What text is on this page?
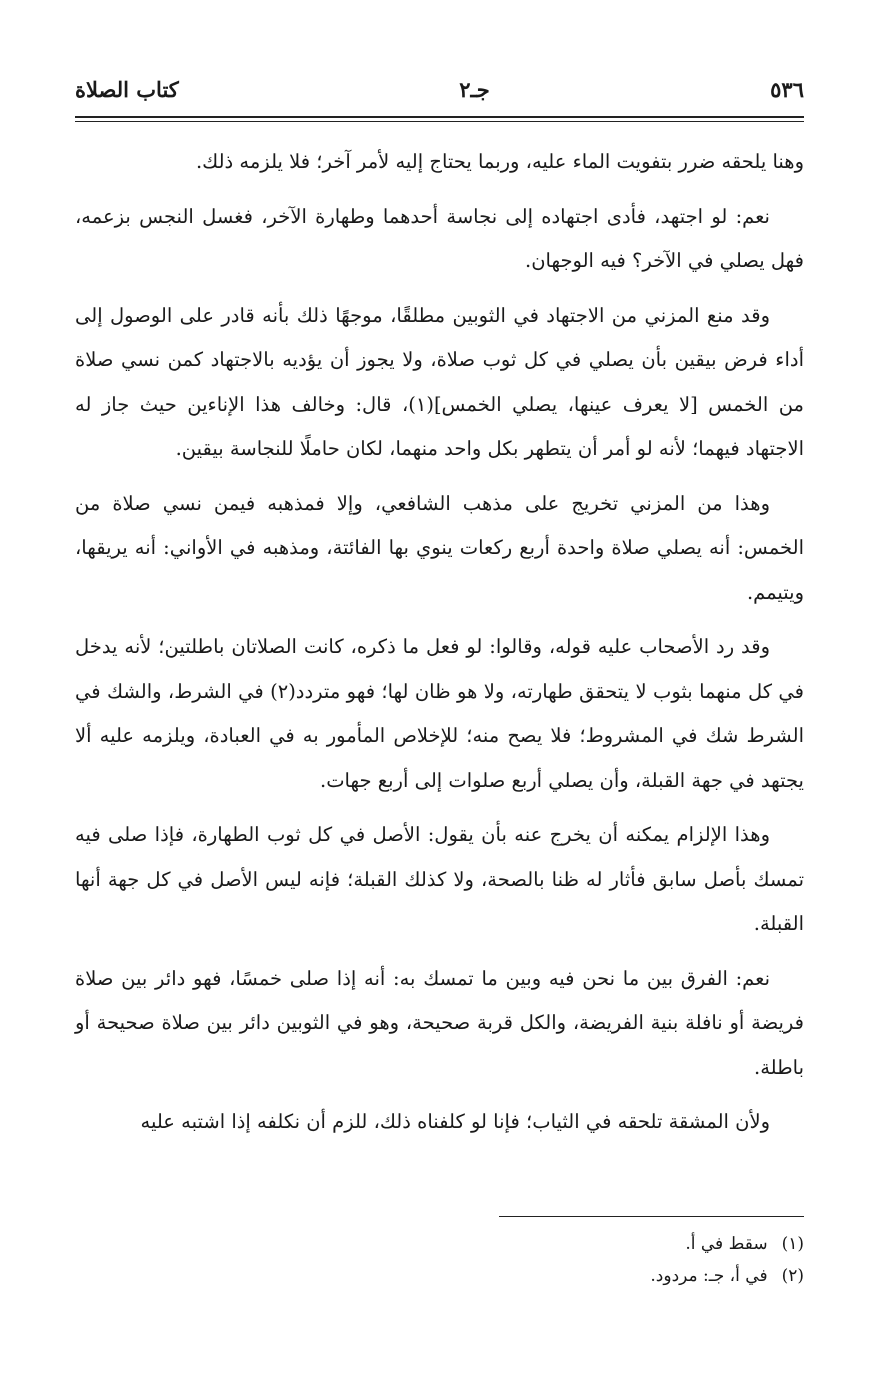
٥٣٦
جـ٢
كتاب الصلاة

وهنا يلحقه ضرر بتفويت الماء عليه، وربما يحتاج إليه لأمر آخر؛ فلا يلزمه ذلك.

نعم: لو اجتهد، فأدى اجتهاده إلى نجاسة أحدهما وطهارة الآخر، فغسل النجس بزعمه، فهل يصلي في الآخر؟ فيه الوجهان.

وقد منع المزني من الاجتهاد في الثوبين مطلقًا، موجهًا ذلك بأنه قادر على الوصول إلى أداء فرض بيقين بأن يصلي في كل ثوب صلاة، ولا يجوز أن يؤديه بالاجتهاد كمن نسي صلاة من الخمس [لا يعرف عينها، يصلي الخمس](١)، قال: وخالف هذا الإناءين حيث جاز له الاجتهاد فيهما؛ لأنه لو أمر أن يتطهر بكل واحد منهما، لكان حاملًا للنجاسة بيقين.

وهذا من المزني تخريج على مذهب الشافعي، وإلا فمذهبه فيمن نسي صلاة من الخمس: أنه يصلي صلاة واحدة أربع ركعات ينوي بها الفائتة، ومذهبه في الأواني: أنه يريقها، ويتيمم.

وقد رد الأصحاب عليه قوله، وقالوا: لو فعل ما ذكره، كانت الصلاتان باطلتين؛ لأنه يدخل في كل منهما بثوب لا يتحقق طهارته، ولا هو ظان لها؛ فهو متردد(٢) في الشرط، والشك في الشرط شك في المشروط؛ فلا يصح منه؛ للإخلاص المأمور به في العبادة، ويلزمه عليه ألا يجتهد في جهة القبلة، وأن يصلي أربع صلوات إلى أربع جهات.

وهذا الإلزام يمكنه أن يخرج عنه بأن يقول: الأصل في كل ثوب الطهارة، فإذا صلى فيه تمسك بأصل سابق فأثار له ظنا بالصحة، ولا كذلك القبلة؛ فإنه ليس الأصل في كل جهة أنها القبلة.

نعم: الفرق بين ما نحن فيه وبين ما تمسك به: أنه إذا صلى خمسًا، فهو دائر بين صلاة فريضة أو نافلة بنية الفريضة، والكل قربة صحيحة، وهو في الثوبين دائر بين صلاة صحيحة أو باطلة.

ولأن المشقة تلحقه في الثياب؛ فإنا لو كلفناه ذلك، للزم أن نكلفه إذا اشتبه عليه

(١)
سقط في أ.
(٢)
في أ، جـ: مردود.
